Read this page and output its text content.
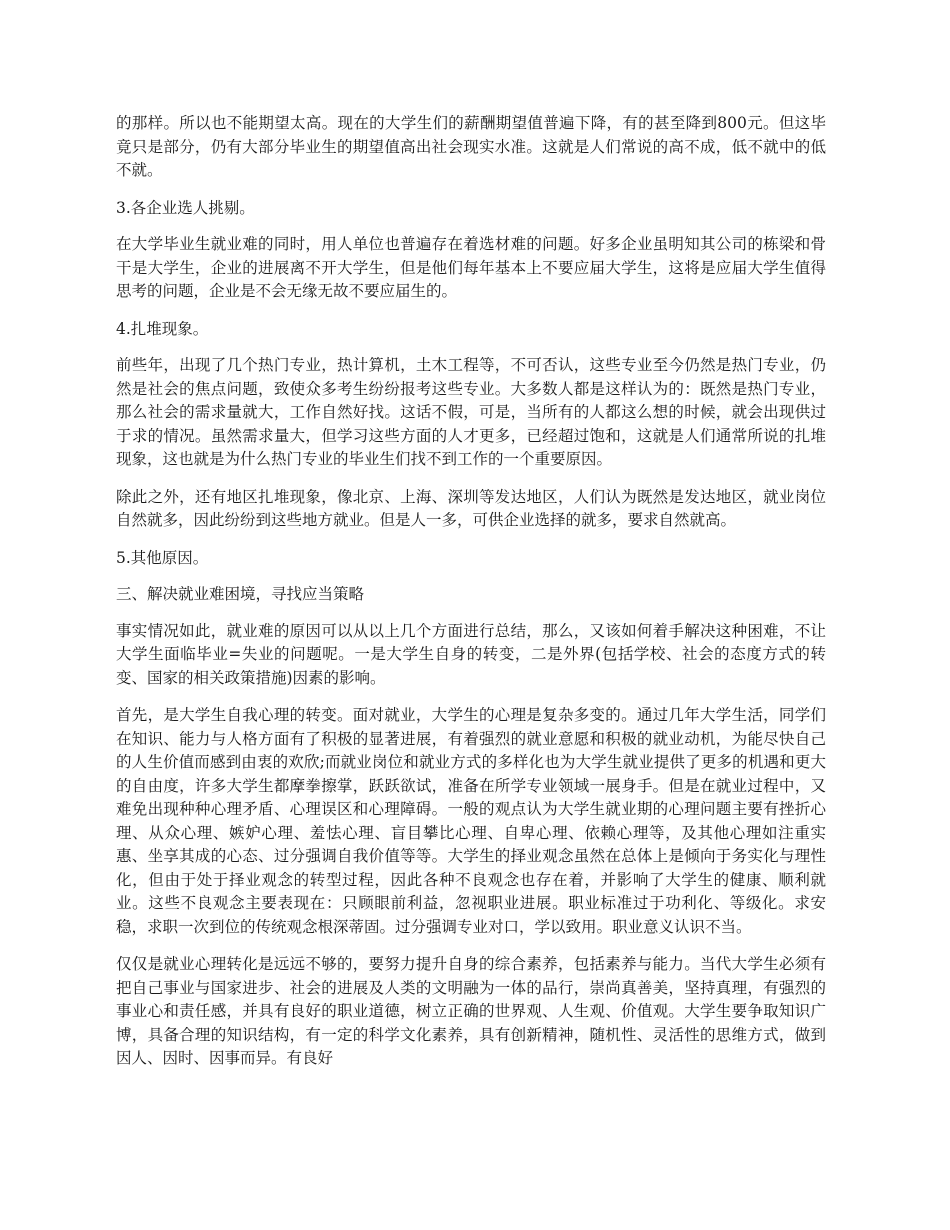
的那样。所以也不能期望太高。现在的大学生们的薪酬期望值普遍下降，有的甚至降到800元。但这毕竟只是部分，仍有大部分毕业生的期望值高出社会现实水准。这就是人们常说的高不成，低不就中的低不就。

3.各企业选人挑剔。

在大学毕业生就业难的同时，用人单位也普遍存在着选材难的问题。好多企业虽明知其公司的栋梁和骨干是大学生，企业的进展离不开大学生，但是他们每年基本上不要应届大学生，这将是应届大学生值得思考的问题，企业是不会无缘无故不要应届生的。

4.扎堆现象。

前些年，出现了几个热门专业，热计算机，土木工程等，不可否认，这些专业至今仍然是热门专业，仍然是社会的焦点问题，致使众多考生纷纷报考这些专业。大多数人都是这样认为的：既然是热门专业，那么社会的需求量就大，工作自然好找。这话不假，可是，当所有的人都这么想的时候，就会出现供过于求的情况。虽然需求量大，但学习这些方面的人才更多，已经超过饱和，这就是人们通常所说的扎堆现象，这也就是为什么热门专业的毕业生们找不到工作的一个重要原因。

除此之外，还有地区扎堆现象，像北京、上海、深圳等发达地区，人们认为既然是发达地区，就业岗位自然就多，因此纷纷到这些地方就业。但是人一多，可供企业选择的就多，要求自然就高。

5.其他原因。

三、解决就业难困境，寻找应当策略

事实情况如此，就业难的原因可以从以上几个方面进行总结，那么，又该如何着手解决这种困难，不让大学生面临毕业=失业的问题呢。一是大学生自身的转变，二是外界(包括学校、社会的态度方式的转变、国家的相关政策措施)因素的影响。

首先，是大学生自我心理的转变。面对就业，大学生的心理是复杂多变的。通过几年大学生活，同学们在知识、能力与人格方面有了积极的显著进展，有着强烈的就业意愿和积极的就业动机，为能尽快自己的人生价值而感到由衷的欢欣;而就业岗位和就业方式的多样化也为大学生就业提供了更多的机遇和更大的自由度，许多大学生都摩拳擦掌，跃跃欲试，准备在所学专业领域一展身手。但是在就业过程中，又难免出现种种心理矛盾、心理误区和心理障碍。一般的观点认为大学生就业期的心理问题主要有挫折心理、从众心理、嫉妒心理、羞怯心理、盲目攀比心理、自卑心理、依赖心理等，及其他心理如注重实惠、坐享其成的心态、过分强调自我价值等等。大学生的择业观念虽然在总体上是倾向于务实化与理性化，但由于处于择业观念的转型过程，因此各种不良观念也存在着，并影响了大学生的健康、顺利就业。这些不良观念主要表现在：只顾眼前利益，忽视职业进展。职业标准过于功利化、等级化。求安稳，求职一次到位的传统观念根深蒂固。过分强调专业对口，学以致用。职业意义认识不当。

仅仅是就业心理转化是远远不够的，要努力提升自身的综合素养，包括素养与能力。当代大学生必须有把自己事业与国家进步、社会的进展及人类的文明融为一体的品行，崇尚真善美，坚持真理，有强烈的事业心和责任感，并具有良好的职业道德，树立正确的世界观、人生观、价值观。大学生要争取知识广博，具备合理的知识结构，有一定的科学文化素养，具有创新精神，随机性、灵活性的思维方式，做到因人、因时、因事而异。有良好
